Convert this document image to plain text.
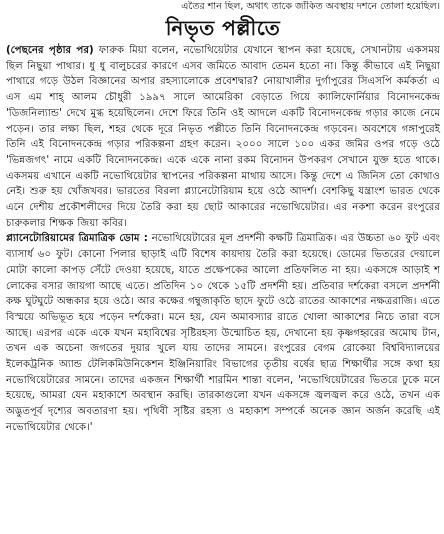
এতৈর শান ছিল, অথাৎ তাকে জাঁকিত অবস্থায় দশনে তোলা হয়েছিল।
নিভৃত পল্লীতে

(পেছনের পৃষ্ঠার পর) ফারুক মিয়া বলেন, নভোথিয়েটার যেখানে স্থাপন করা হয়েছে, সেখানটায় একসময় ছিল নিছুয়া পাথার। ধু ধু বালুচরের কারণে এসব জমিতে আবাদ তেমন হতো না। কিন্তু কীভাবে এই নিছুয়া পাথারে গড়ে উঠল বিজ্ঞানের অপার রহস্যালোকে প্রবেশদ্বার? নোয়াখালীর দুর্গাপুরের সিএসপি কর্মকর্তা এ এস এম শাহ্ আলম চৌধুরী ১৯৯৭ সালে আমেরিকা বেড়াতে গিয়ে ক্যালিফোর্নিয়ার বিনোদনকেন্দ্র 'ডিজনিল্যান্ড' দেখে মুগ্ধ হয়েছিলেন। দেশে ফিরে তিনি ওই আদলে একটি বিনোদনকেন্দ্র গড়ার কাজে নেমে পড়েন। তার লক্ষ্য ছিল, শহর থেকে দূরে নিভৃত পল্লীতে তিনি বিনোদনকেন্দ্র গড়বেন। অবশেষে গঙ্গাপুরেই তিনি এই বিনোদনকেন্দ্র গড়ার পরিকল্পনা গ্রহণ করেন। ২০০০ সালে ১০০ একর জমির ওপর গড়ে ওঠে 'ভিন্নজগৎ' নামে একটি বিনোদনকেন্দ্র। একে একে নানা রকম বিনোদন উপকরণ সেখানে যুক্ত হতে থাকে। একসময় এখানে একটি নভোথিয়েটার স্থাপনের পরিকল্পনা মাথায় আসে। কিন্তু দেশে এ জিনিস তো কোথাও নেই। শুরু হয় খোঁজখবর। ভারতের বিরলা প্ল্যানেটোরিয়াম হয়ে ওঠে আদর্শ। বেশকিছু যন্ত্রাংশ ভারত থেকে এনে দেশীয় প্রকৌশলীদের দিয়ে তৈরি করা হয় ছোট আকারের নভোথিয়েটার। এর নকশা করেন রংপুরের চারুকলার শিক্ষক জিয়া কবির।

প্ল্যানেটোরিয়ামের ত্রিমাত্রিক ডোম : নভোথিয়েটারের মূল প্রদর্শনী কক্ষটি ত্রিমাত্রিক। এর উচ্চতা ৬০ ফুট এবং ব্যাসার্ধ ৬০ ফুট। কোনো পিলার ছাড়াই এটি বিশেষ কায়দায় তৈরি করা হয়েছে। ডোমের ভিতরের দেয়ালে মোটা কালো কাপড় সেঁটে দেওয়া হয়েছে, যাতে প্রক্ষেপকের আলো প্রতিফলিত না হয়। একসঙ্গে আড়াই শ লোকের বসার জায়গা আছে এতে। প্রতিদিন ১০ থেকে ১৫টি প্রদর্শনী হয়। প্রতিবার দর্শকেরা বসলে প্রদর্শনী কক্ষ ঘুটঘুটে অন্ধকার হয়ে ওঠে। আর কক্ষের গম্বুজাকৃতি ছাদে ফুটে ওঠে রাতের আকাশের নক্ষত্ররাজি। এতে বিস্ময়ে অভিভূত হয়ে পড়েন দর্শকেরা। মনে হয়, যেন অমাবস্যার রাতে খোলা আকাশের নিচে তারা বসে আছে। এরপর একে একে যখন মহাবিশ্বের সৃষ্টিরহস্য উন্মোচিত হয়, দেখানো হয় কৃষ্ণগহ্বরের অমোঘ টান, তখন এক অচেনা জগতের দুয়ার খুলে যায় তাদের সামনে। রংপুরের বেগম রোকেয়া বিশ্ববিদ্যালয়ের ইলেকট্রনিক অ্যান্ড টেলিকমিউনিকেশন ইঞ্জিনিয়ারিং বিভাগের তৃতীয় বর্ষের ছাত্র শিক্ষার্থীর সঙ্গে কথা হয় নভোথিয়েটারের সামনে। তাদের একজন শিক্ষার্থী শারমিন শান্তা বলেন, 'নভোথিয়েটারের ভিতরে ঢুকে মনে হয়েছে, আমরা যেন মহাকাশে অবস্থান করছি। তারকাগুলো যখন একসঙ্গে জ্বলজ্বল করে ওঠে, তখন এক অদ্ভুতপূর্ব দৃশ্যের অবতারণা হয়। পৃথিবী সৃষ্টির রহস্য ও মহাকাশ সম্পর্কে অনেক জ্ঞান অর্জন করেছি এই নভোথিয়েটার থেকে।'
